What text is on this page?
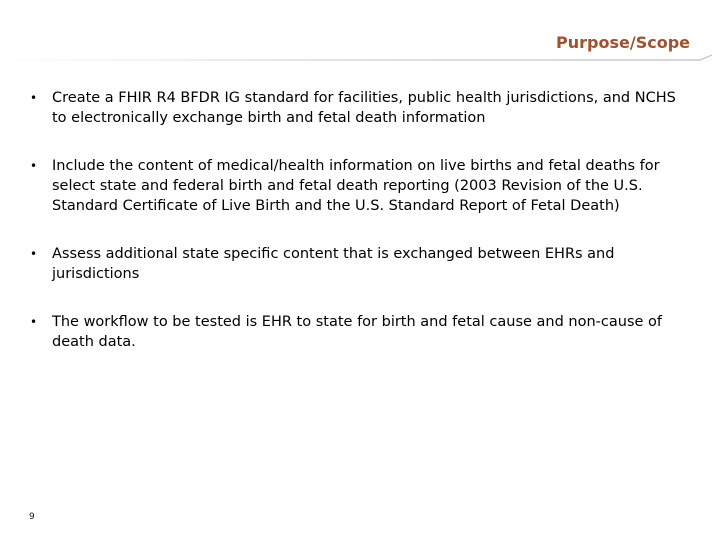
Purpose/Scope
•	Create a FHIR R4 BFDR IG standard for facilities, public health jurisdictions, and NCHS to electronically exchange birth and fetal death information
•	Include the content of medical/health information on live births and fetal deaths for select state and federal birth and fetal death reporting (2003 Revision of the U.S. Standard Certificate of Live Birth and the U.S. Standard Report of Fetal Death)
•	Assess additional state specific content that is exchanged between EHRs and jurisdictions
•	The workflow to be tested is EHR to state for birth and fetal cause and non-cause of death data.
9
